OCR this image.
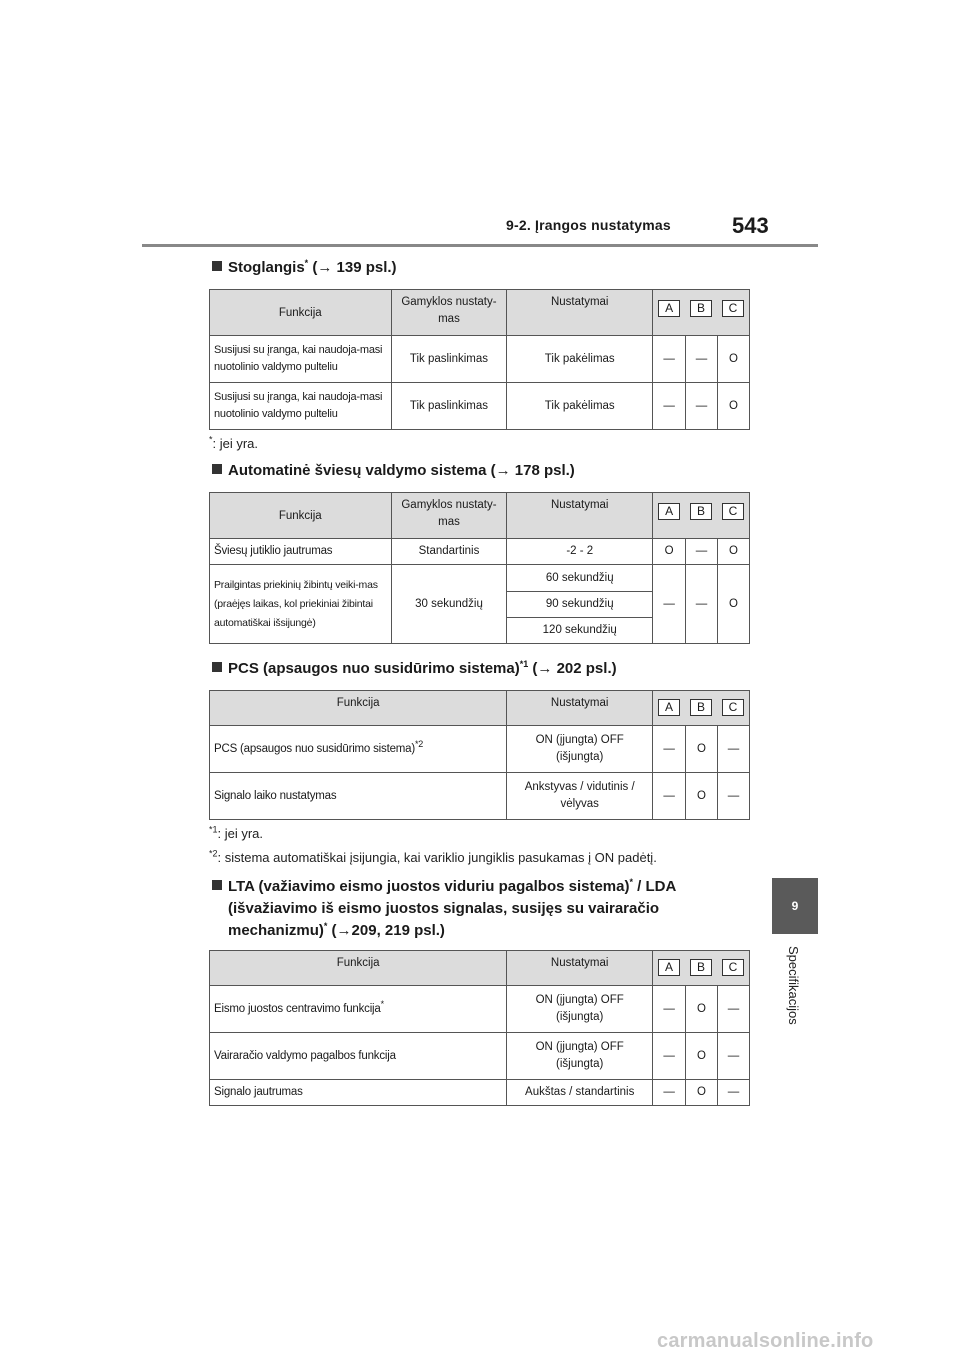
9-2. Įrangos nustatymas	543
9
Specifikacijos
Stoglangis* (→ 139 psl.)
Funkcija	Gamyklos nustaty-mas	Nustatymai	A B C		

Susijusi su įranga, kai naudoja-masi nuotolinio valdymo pulteliu	Tik paslinkimas	Tik pakėlimas	—	—	O
Susijusi su įranga, kai naudoja-masi nuotolinio valdymo pulteliu	Tik paslinkimas	Tik pakėlimas	—	—	O
*: jei yra.
Automatinė šviesų valdymo sistema (→ 178 psl.)
Funkcija	Gamyklos nustaty-mas	Nustatymai	A B C		

Šviesų jutiklio jautrumas	Standartinis	-2 - 2	O	—	O
Prailgintas priekinių žibintų veiki-mas (praėjęs laikas, kol priekiniai žibintai automatiškai išsijungė)	30 sekundžių	60 sekundžių	—	—	O
		90 sekundžių			
		120 sekundžių			
PCS (apsaugos nuo susidūrimo sistema)$^{*1}$ (→ 202 psl.)
Funkcija	Nustatymai	A B C		

PCS (apsaugos nuo susidūrimo sistema)$^{*2}$	ON (įjungta) OFF (išjungta)	—	O	—
Signalo laiko nustatymas	Ankstyvas / vidutinis / vėlyvas	—	O	—
$^{*1}$: jei yra.
$^{*2}$: sistema automatiškai įsijungia, kai variklio jungiklis pasukamas į ON padėtį.
LTA (važiavimo eismo juostos viduriu pagalbos sistema)* / LDA
(išvažiavimo iš eismo juostos signalas, susijęs su vairaračio
mechanizmu)* (→209, 219 psl.)
Funkcija	Nustatymai	A B C		

Eismo juostos centravimo funkcija*	ON (įjungta) OFF (išjungta)	—	O	—
Vairaračio valdymo pagalbos funkcija	ON (įjungta) OFF (išjungta)	—	O	—
Signalo jautrumas	Aukštas / standartinis	—	O	—
carmanualsonline.info
